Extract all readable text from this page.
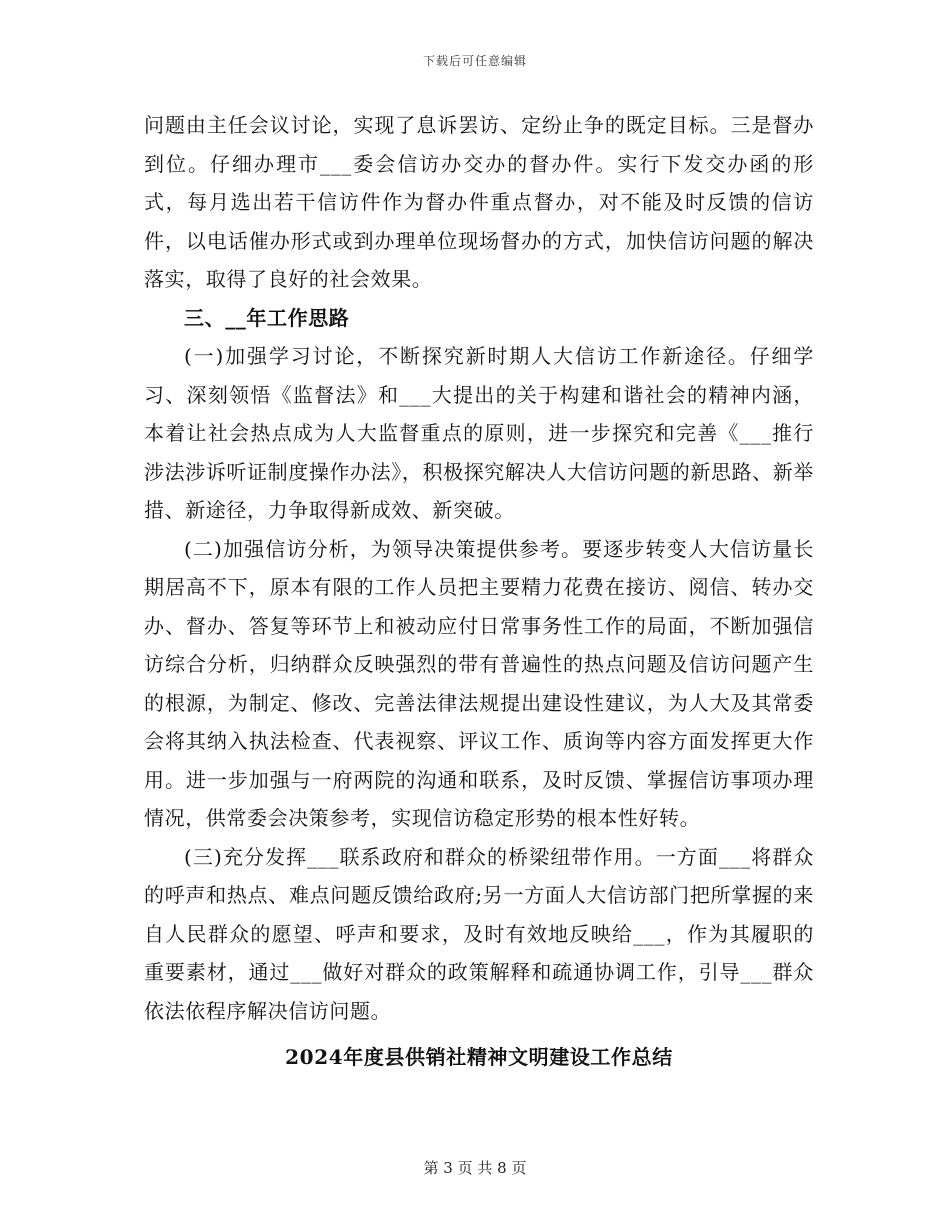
下载后可任意编辑

问题由主任会议讨论，实现了息诉罢访、定纷止争的既定目标。三是督办到位。仔细办理市___委会信访办交办的督办件。实行下发交办函的形式，每月选出若干信访件作为督办件重点督办，对不能及时反馈的信访件，以电话催办形式或到办理单位现场督办的方式，加快信访问题的解决落实，取得了良好的社会效果。

三、__年工作思路

(一)加强学习讨论，不断探究新时期人大信访工作新途径。仔细学习、深刻领悟《监督法》和___大提出的关于构建和谐社会的精神内涵，本着让社会热点成为人大监督重点的原则，进一步探究和完善《___推行涉法涉诉听证制度操作办法》，积极探究解决人大信访问题的新思路、新举措、新途径，力争取得新成效、新突破。

(二)加强信访分析，为领导决策提供参考。要逐步转变人大信访量长期居高不下，原本有限的工作人员把主要精力花费在接访、阅信、转办交办、督办、答复等环节上和被动应付日常事务性工作的局面，不断加强信访综合分析，归纳群众反映强烈的带有普遍性的热点问题及信访问题产生的根源，为制定、修改、完善法律法规提出建设性建议，为人大及其常委会将其纳入执法检查、代表视察、评议工作、质询等内容方面发挥更大作用。进一步加强与一府两院的沟通和联系，及时反馈、掌握信访事项办理情况，供常委会决策参考，实现信访稳定形势的根本性好转。

(三)充分发挥___联系政府和群众的桥梁纽带作用。一方面___将群众的呼声和热点、难点问题反馈给政府;另一方面人大信访部门把所掌握的来自人民群众的愿望、呼声和要求，及时有效地反映给___，作为其履职的重要素材，通过___做好对群众的政策解释和疏通协调工作，引导___群众依法依程序解决信访问题。

2024年度县供销社精神文明建设工作总结

第 3 页 共 8 页
